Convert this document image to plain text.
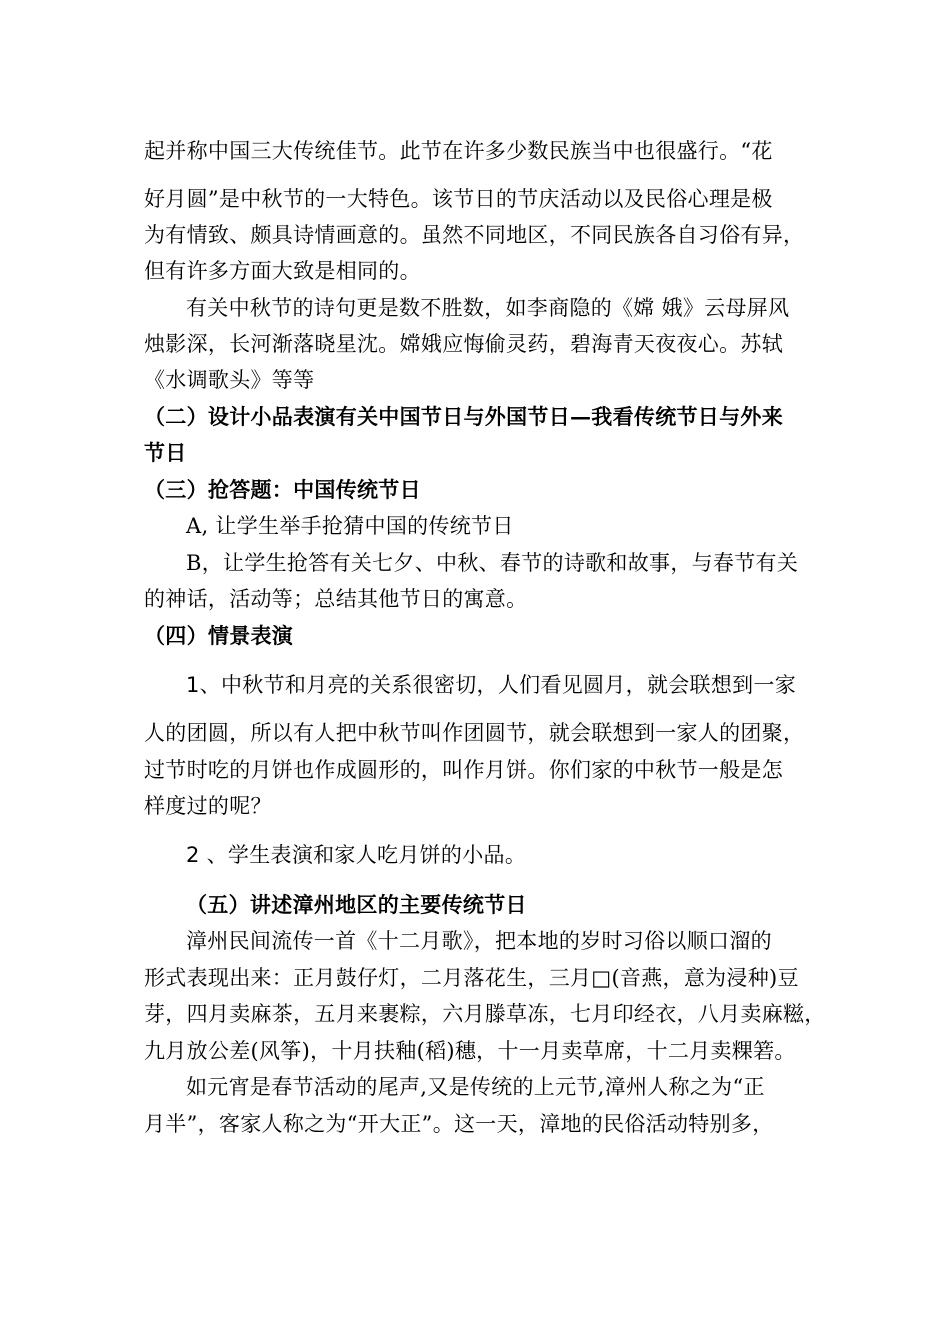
起并称中国三大传统佳节。此节在许多少数民族当中也很盛行。“花
好月圆”是中秋节的一大特色。该节日的节庆活动以及民俗心理是极
为有情致、颇具诗情画意的。虽然不同地区，不同民族各自习俗有异，
但有许多方面大致是相同的。
有关中秋节的诗句更是数不胜数，如李商隐的《嫦 娥》云母屏风
烛影深，长河渐落晓星沈。嫦娥应悔偷灵药，碧海青天夜夜心。苏轼
《水调歌头》等等
（二）设计小品表演有关中国节日与外国节日—我看传统节日与外来
节日
（三）抢答题：中国传统节日
A, 让学生举手抢猜中国的传统节日
B，让学生抢答有关七夕、中秋、春节的诗歌和故事，与春节有关
的神话，活动等；总结其他节日的寓意。
（四）情景表演
1、中秋节和月亮的关系很密切，人们看见圆月，就会联想到一家
人的团圆，所以有人把中秋节叫作团圆节，就会联想到一家人的团聚，
过节时吃的月饼也作成圆形的，叫作月饼。你们家的中秋节一般是怎
样度过的呢？
2 、学生表演和家人吃月饼的小品。
（五）讲述漳州地区的主要传统节日
漳州民间流传一首《十二月歌》，把本地的岁时习俗以顺口溜的
形式表现出来：正月鼓仔灯，二月落花生，三月□(音燕，意为浸种)豆
芽，四月卖麻茶，五月来裹粽，六月滕草冻，七月印经衣，八月卖麻糍，
九月放公差(风筝)，十月扶釉(稻)穗，十一月卖草席，十二月卖粿箬。
如元宵是春节活动的尾声,又是传统的上元节,漳州人称之为“正
月半”，客家人称之为“开大正”。这一天，漳地的民俗活动特别多，
